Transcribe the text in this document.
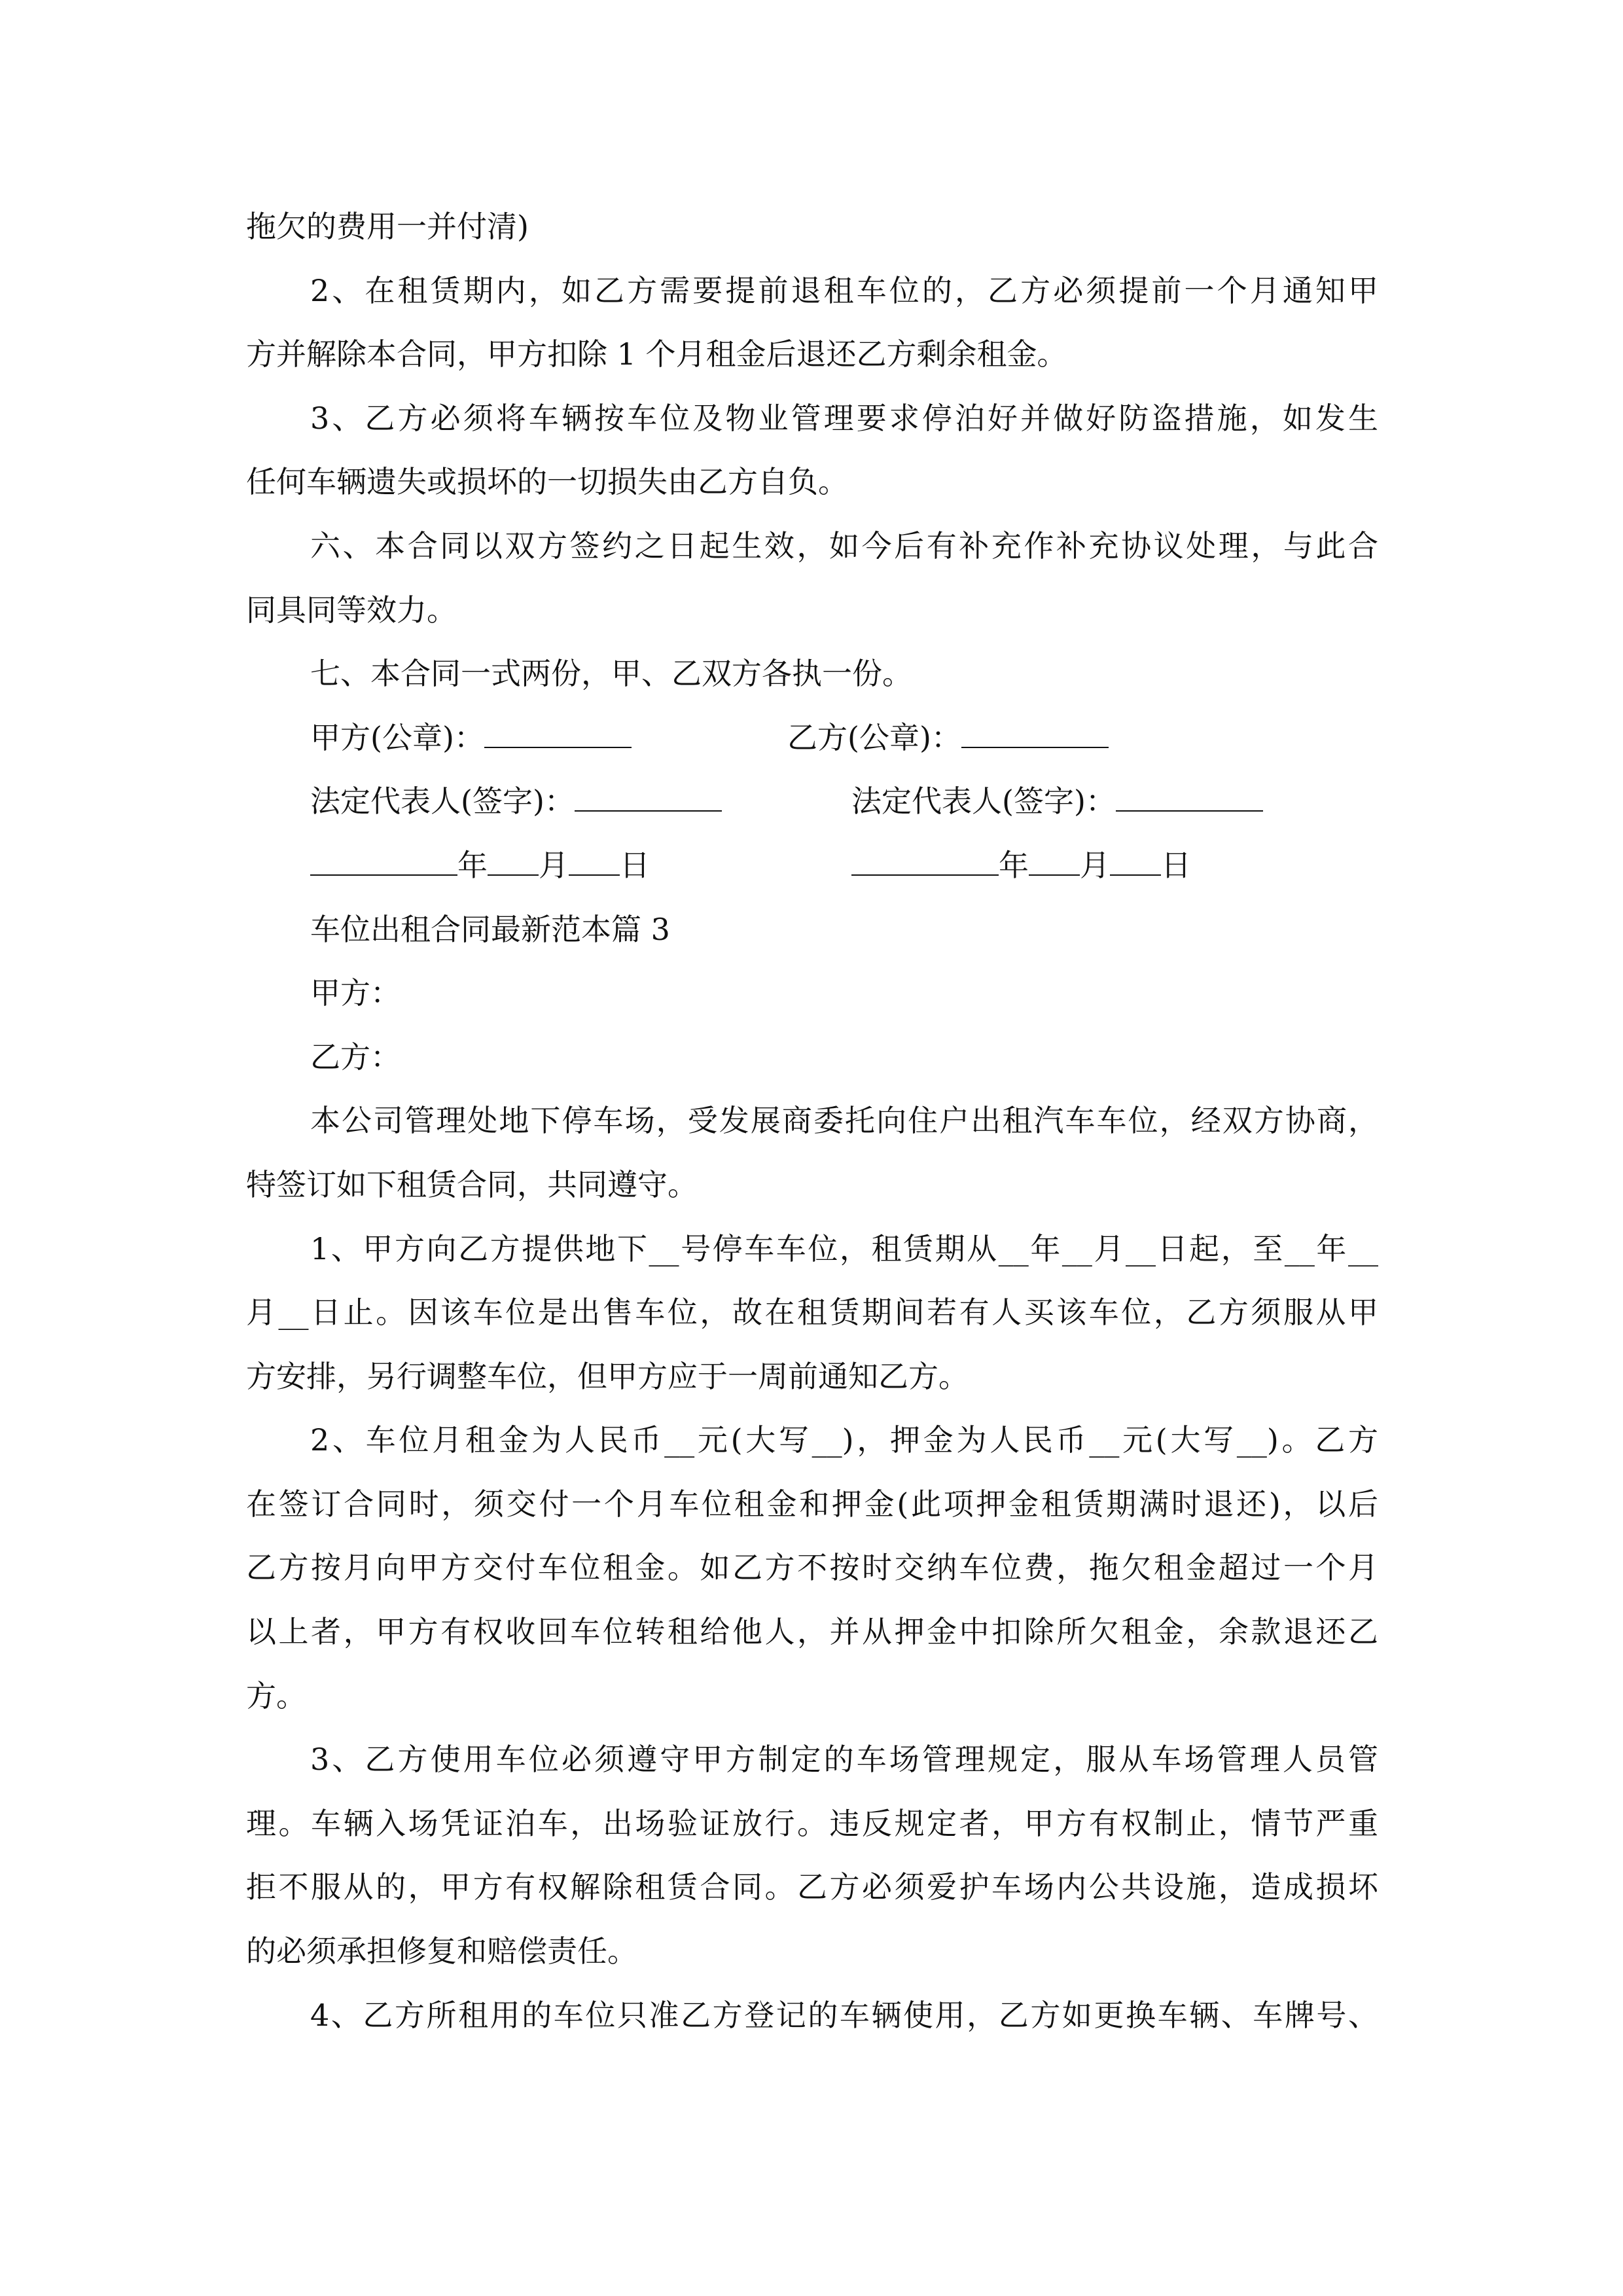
拖欠的费用一并付清)
2、在租赁期内，如乙方需要提前退租车位的，乙方必须提前一个月通知甲
方并解除本合同，甲方扣除 1 个月租金后退还乙方剩余租金。
3、乙方必须将车辆按车位及物业管理要求停泊好并做好防盗措施，如发生
任何车辆遗失或损坏的一切损失由乙方自负。
六、本合同以双方签约之日起生效，如今后有补充作补充协议处理，与此合
同具同等效力。
七、本合同一式两份，甲、乙双方各执一份。
甲方(公章)：	乙方(公章)：
法定代表人(签字)：	法定代表人(签字)：
年 月 日	年 月 日
车位出租合同最新范本篇 3
甲方：
乙方：
本公司管理处地下停车场，受发展商委托向住户出租汽车车位，经双方协商，
特签订如下租赁合同，共同遵守。
1、甲方向乙方提供地下__号停车车位，租赁期从__年__月__日起，至__年__
月__日止。因该车位是出售车位，故在租赁期间若有人买该车位，乙方须服从甲
方安排，另行调整车位，但甲方应于一周前通知乙方。
2、车位月租金为人民币__元(大写__)，押金为人民币__元(大写__)。乙方
在签订合同时，须交付一个月车位租金和押金(此项押金租赁期满时退还)，以后
乙方按月向甲方交付车位租金。如乙方不按时交纳车位费，拖欠租金超过一个月
以上者，甲方有权收回车位转租给他人，并从押金中扣除所欠租金，余款退还乙
方。
3、乙方使用车位必须遵守甲方制定的车场管理规定，服从车场管理人员管
理。车辆入场凭证泊车，出场验证放行。违反规定者，甲方有权制止，情节严重
拒不服从的，甲方有权解除租赁合同。乙方必须爱护车场内公共设施，造成损坏
的必须承担修复和赔偿责任。
4、乙方所租用的车位只准乙方登记的车辆使用，乙方如更换车辆、车牌号、
